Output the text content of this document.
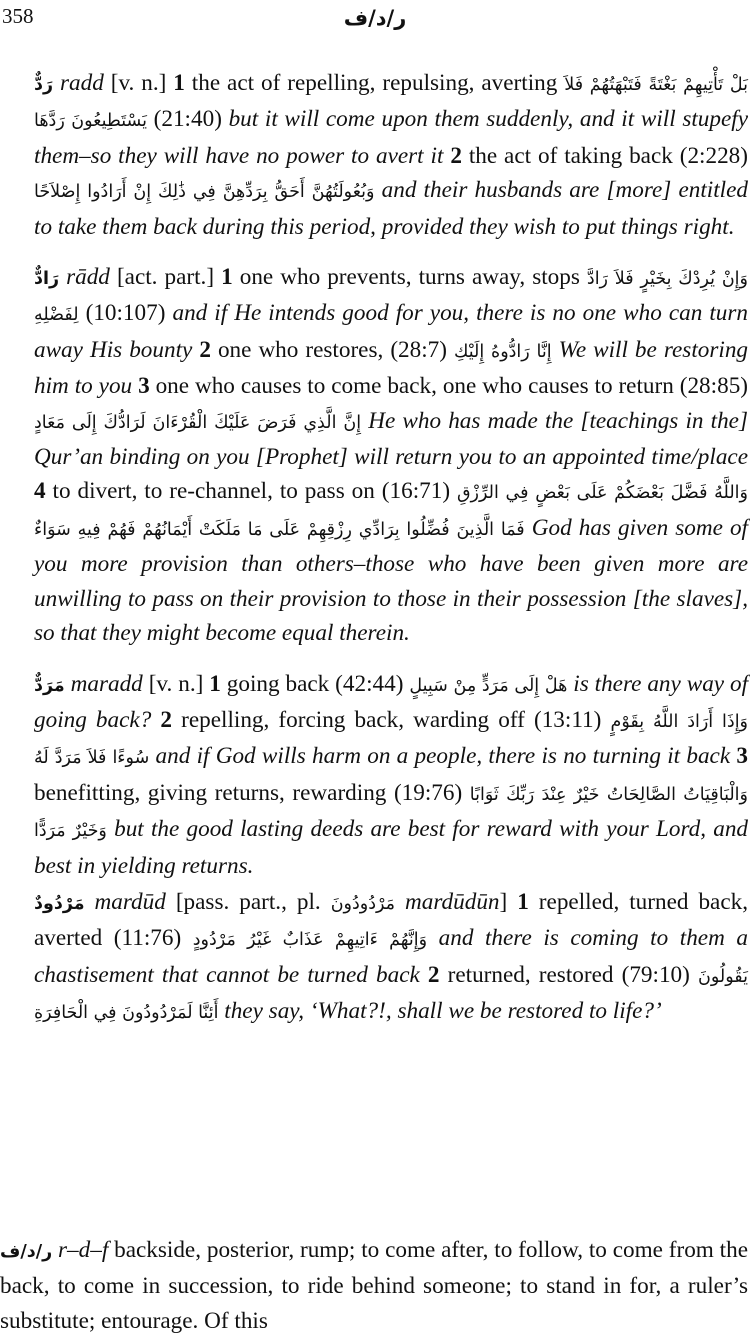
358	ر/د/ف

رَدٌّ radd [v. n.] 1 the act of repelling, repulsing, averting بَلْ تَأْتِيهِمْ بَغْتَةً فَتَبْهَتُهُمْ فَلاَ يَسْتَطِيعُونَ رَدَّهَا (21:40) but it will come upon them suddenly, and it will stupefy them–so they will have no power to avert it 2 the act of taking back (2:228) وَبُعُولَتُهُنَّ أَحَقُّ بِرَدِّهِنَّ فِي ذَٰلِكَ إِنْ أَرَادُوا إِصْلاَحًا and their husbands are [more] entitled to take them back during this period, provided they wish to put things right.

رَادٌّ rādd [act. part.] 1 one who prevents, turns away, stops وَإِنْ يُرِدْكَ بِخَيْرٍ فَلاَ رَادَّ لِفَضْلِهِ (10:107) and if He intends good for you, there is no one who can turn away His bounty 2 one who restores, (28:7) إِنَّا رَادُّوهُ إِلَيْكِ We will be restoring him to you 3 one who causes to come back, one who causes to return (28:85) إِنَّ الَّذِي فَرَضَ عَلَيْكَ الْقُرْءَانَ لَرَادُّكَ إِلَى مَعَادٍ He who has made the [teachings in the] Qur’an binding on you [Prophet] will return you to an appointed time/place 4 to divert, to re-channel, to pass on (16:71) وَاللَّهُ فَضَّلَ بَعْضَكُمْ عَلَى بَعْضٍ فِي الرِّزْقِ فَمَا الَّذِينَ فُضِّلُوا بِرَادِّي رِزْقِهِمْ عَلَى مَا مَلَكَتْ أَيْمَانُهُمْ فَهُمْ فِيهِ سَوَاءٌ God has given some of you more provision than others–those who have been given more are unwilling to pass on their provision to those in their possession [the slaves], so that they might become equal therein.

مَرَدٌّ maradd [v. n.] 1 going back (42:44) هَلْ إِلَى مَرَدٍّ مِنْ سَبِيلٍ is there any way of going back? 2 repelling, forcing back, warding off (13:11) وَإِذَا أَرَادَ اللَّهُ بِقَوْمٍ سُوءًا فَلاَ مَرَدَّ لَهُ and if God wills harm on a people, there is no turning it back 3 benefitting, giving returns, rewarding (19:76) وَالْبَاقِيَاتُ الصَّالِحَاتُ خَيْرٌ عِنْدَ رَبِّكَ ثَوَابًا وَخَيْرٌ مَرَدًّا but the good lasting deeds are best for reward with your Lord, and best in yielding returns.

مَرْدُودٌ mardūd [pass. part., pl. مَرْدُودُونَ mardūdūn] 1 repelled, turned back, averted (11:76) وَإِنَّهُمْ ءَاتِيهِمْ عَذَابٌ غَيْرُ مَرْدُودٍ and there is coming to them a chastisement that cannot be turned back 2 returned, restored (79:10) يَقُولُونَ أَئِنَّا لَمَرْدُودُونَ فِي الْحَافِرَةِ they say, ‘What?!, shall we be restored to life?’

ر/د/ف r–d–f backside, posterior, rump; to come after, to follow, to come from the back, to come in succession, to ride behind someone; to stand in for, a ruler’s substitute; entourage. Of this
